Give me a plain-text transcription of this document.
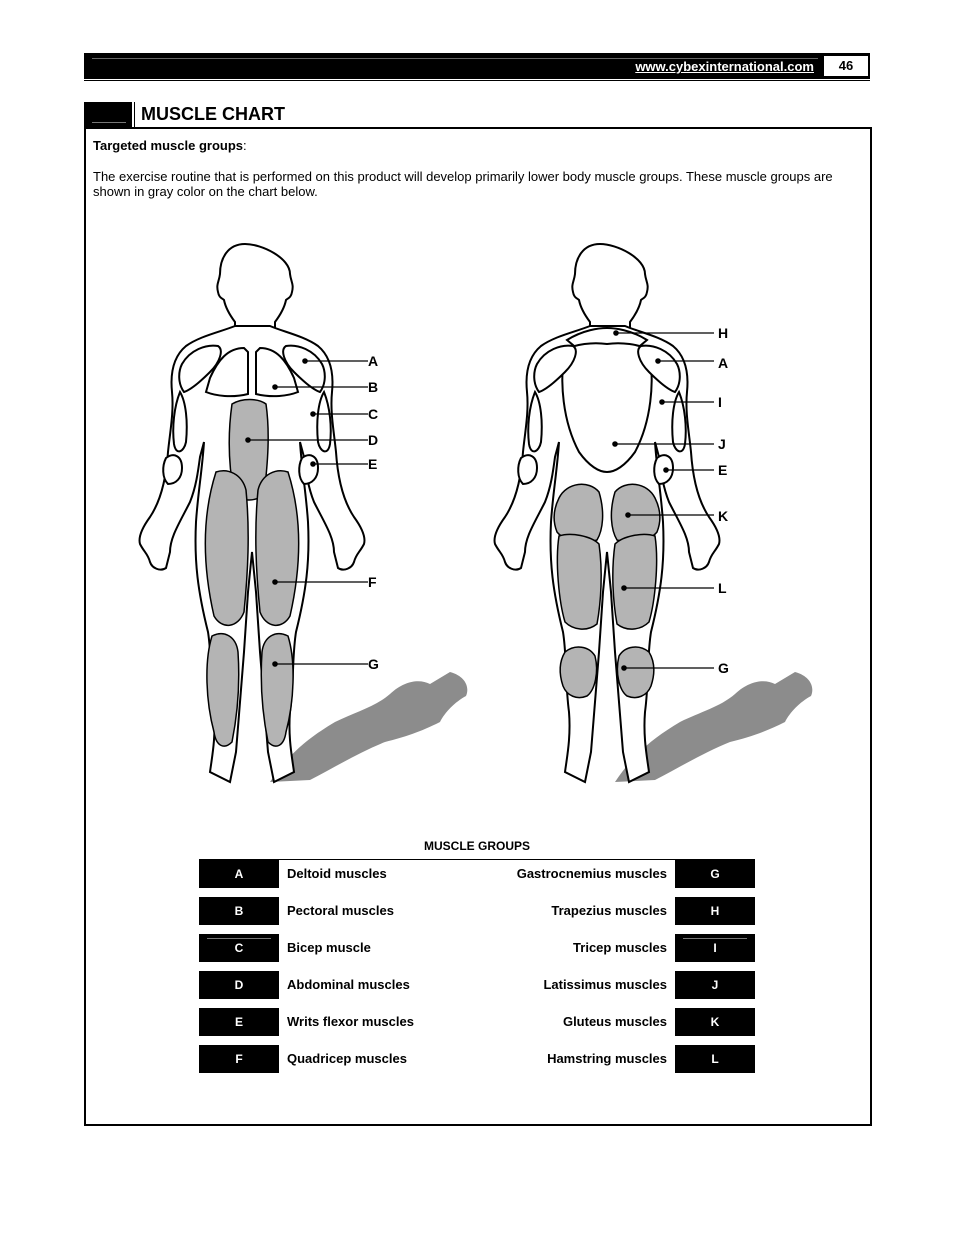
www.cybexinternational.com	46
MUSCLE CHART
Targeted muscle groups:
The exercise routine that is performed on this product will develop primarily lower body muscle groups. These muscle groups are shown in gray color on the chart below.
A
B
C
D
E
F
G
H
A
I
J
E
K
L
G
MUSCLE GROUPS
A	Deltoid muscles	Gastrocnemius muscles	G
B	Pectoral muscles	Trapezius muscles	H
C	Bicep muscle	Tricep muscles	I
D	Abdominal muscles	Latissimus muscles	J
E	Writs flexor muscles	Gluteus muscles	K
F	Quadricep muscles	Hamstring muscles	L
